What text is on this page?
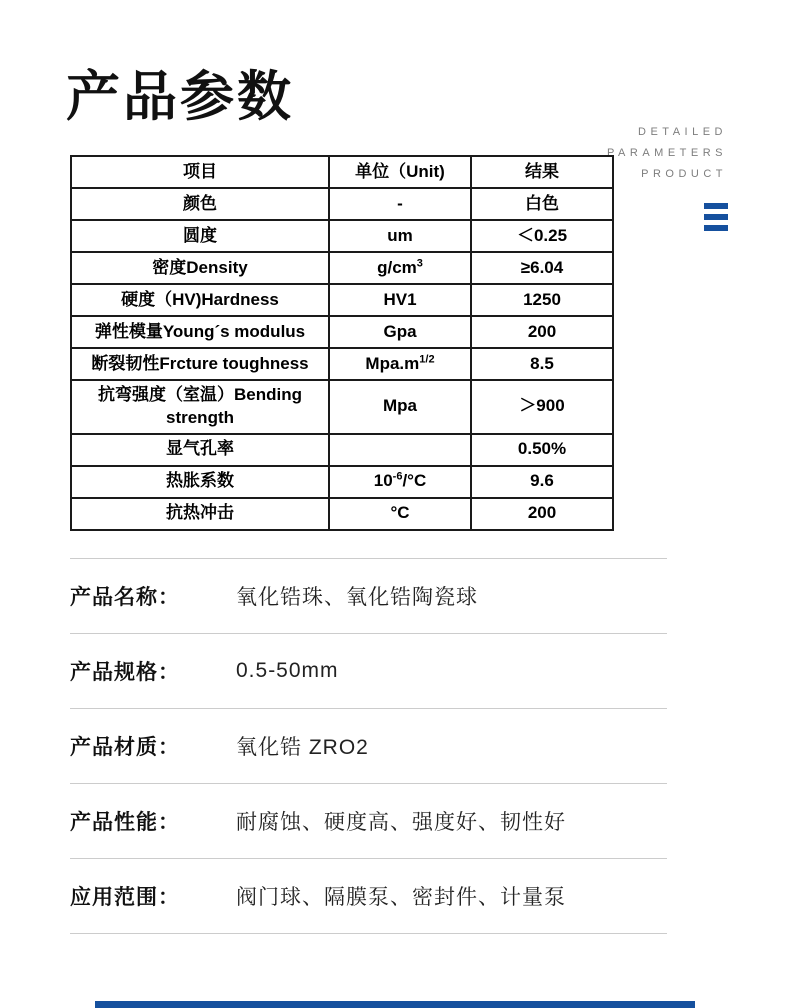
产品参数
DETAILED
PARAMETERS
PRODUCT
项目	单位（Unit)	结果
颜色	-	白色
圆度	um	＜0.25
密度Density	$g/cm^3$	≥6.04
硬度（HV)Hardness	HV1	1250
弹性模量Young´s modulus	Gpa	200
断裂韧性Frcture toughness	$Mpa.m^{1/2}$	8.5
抗弯强度（室温）Bending strength	Mpa	＞900
显气孔率		0.50%
热胀系数	$10^{-6}/^\circ C$	9.6
抗热冲击	°C	200
产品名称：	氧化锆珠、氧化锆陶瓷球
产品规格：	0.5-50mm
产品材质：	氧化锆 ZRO2
产品性能：	耐腐蚀、硬度高、强度好、韧性好
应用范围：	阀门球、隔膜泵、密封件、计量泵
